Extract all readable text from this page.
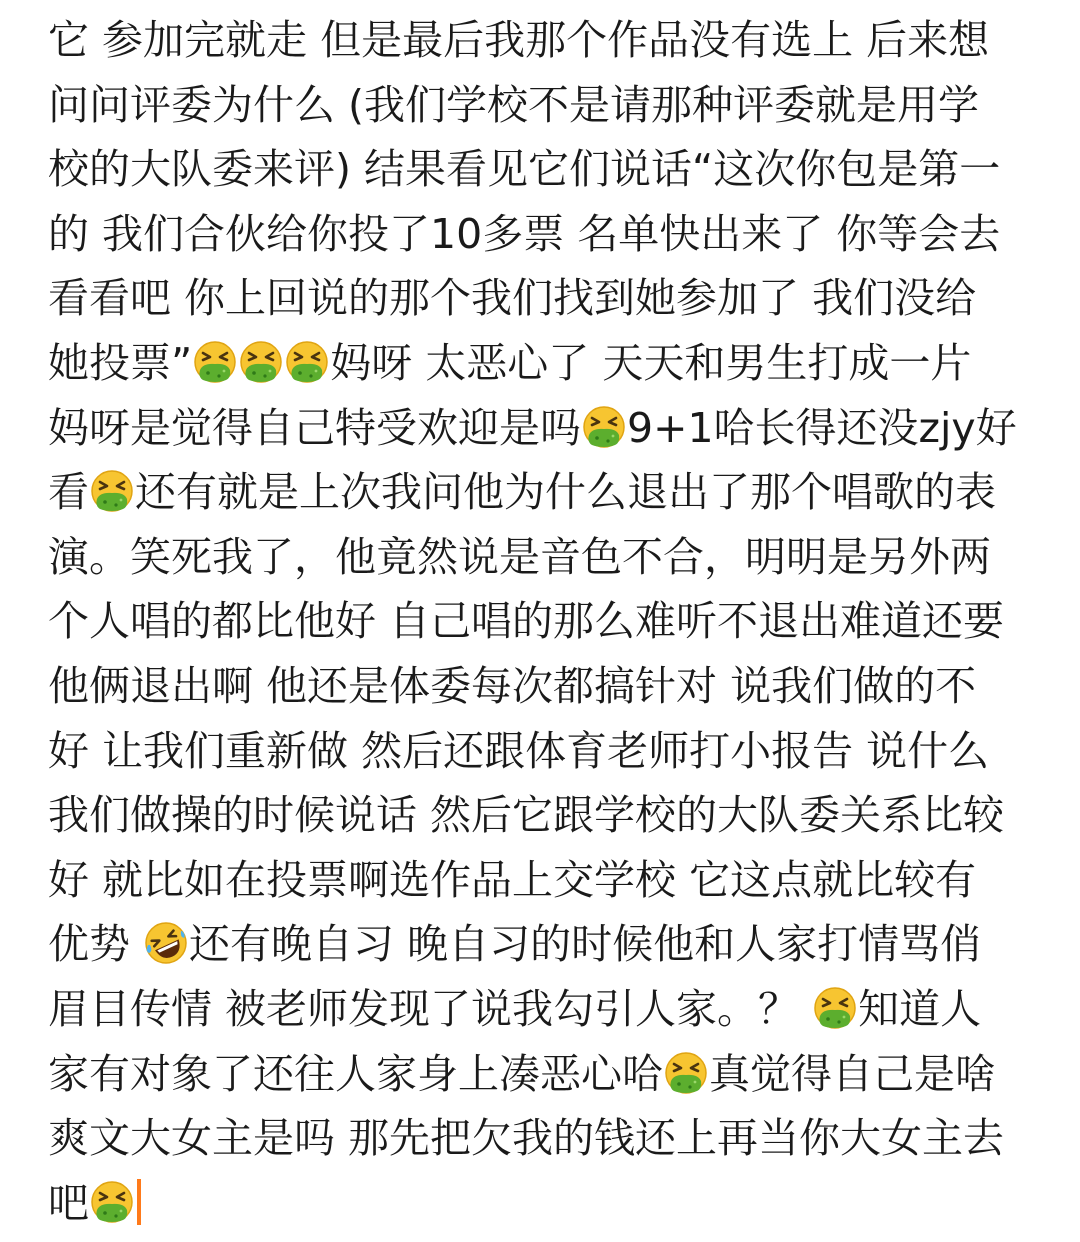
它 参加完就走 但是最后我那个作品没有选上 后来想
问问评委为什么 (我们学校不是请那种评委就是用学
校的大队委来评) 结果看见它们说话“这次你包是第一
的 我们合伙给你投了10多票 名单快出来了 你等会去
看看吧 你上回说的那个我们找到她参加了 我们没给
她投票”	妈呀 太恶心了 天天和男生打成一片
妈呀是觉得自己特受欢迎是吗 9+1哈长得还没zjy好
看 还有就是上次我问他为什么退出了那个唱歌的表
演。笑死我了，他竟然说是音色不合，明明是另外两
个人唱的都比他好 自己唱的那么难听不退出难道还要
他俩退出啊 他还是体委每次都搞针对 说我们做的不
好 让我们重新做 然后还跟体育老师打小报告 说什么
我们做操的时候说话 然后它跟学校的大队委关系比较
好 就比如在投票啊选作品上交学校 它这点就比较有
优势 还有晚自习 晚自习的时候他和人家打情骂俏
眉目传情 被老师发现了说我勾引人家。？ 知道人
家有对象了还往人家身上凑恶心哈 真觉得自己是啥
爽文大女主是吗 那先把欠我的钱还上再当你大女主去
吧
